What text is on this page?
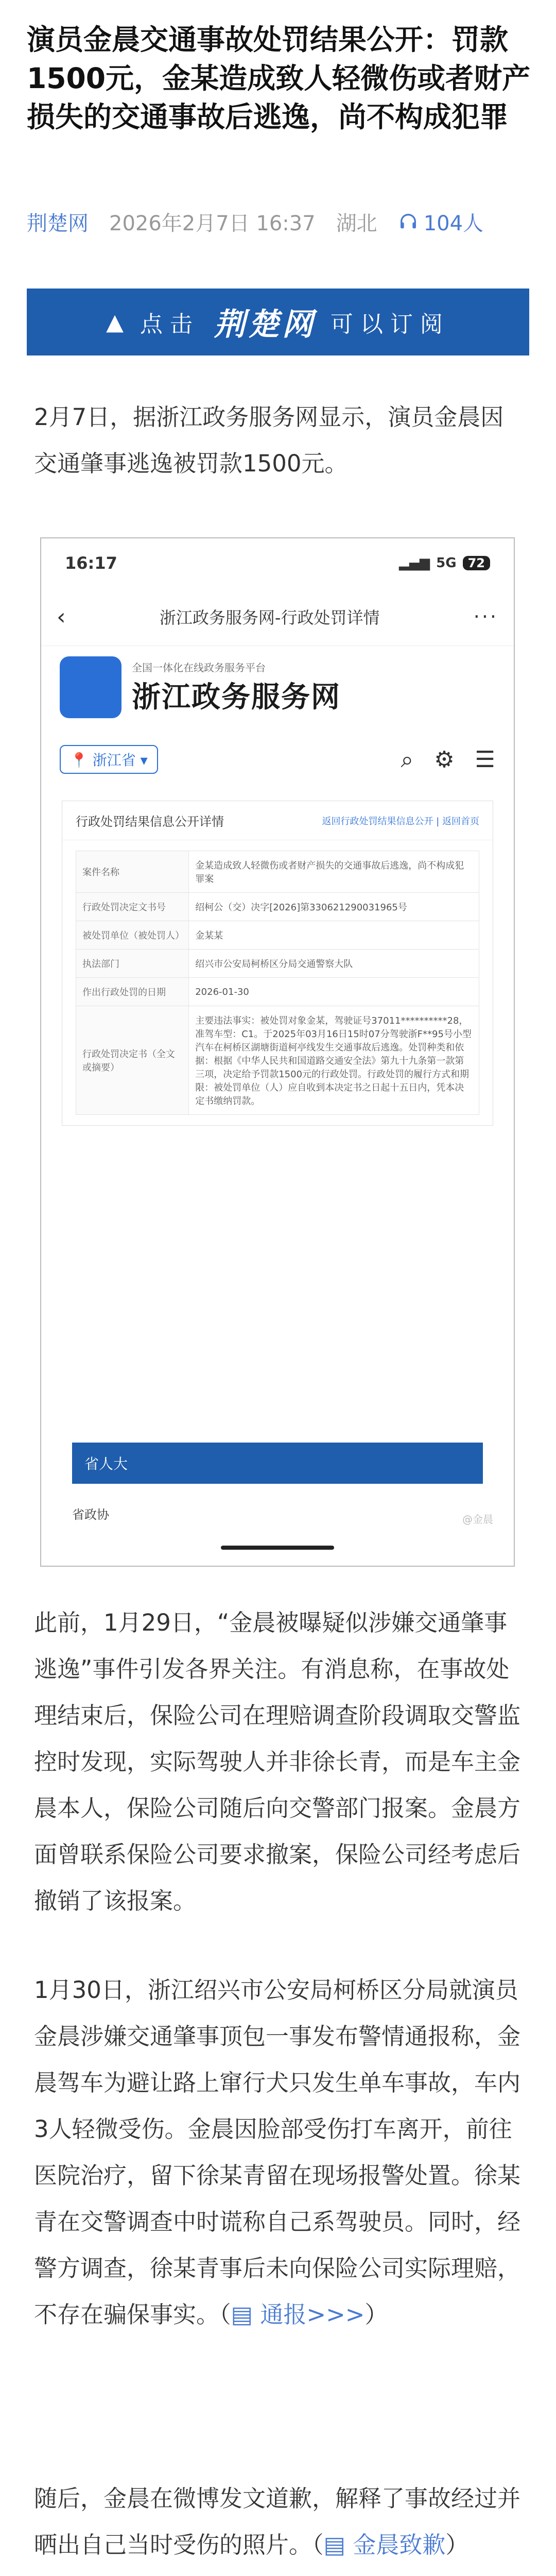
演员金晨交通事故处罚结果公开：罚款1500元，金某造成致人轻微伤或者财产损失的交通事故后逃逸，尚不构成犯罪
荆楚网 2026年2月7日 16:37 湖北 104人
▲ 点击 荆楚网 可以订阅

2月7日，据浙江政务服务网显示，演员金晨因交通肇事逃逸被罚款1500元。

16:17	▂▄▆ 5G 72
‹	浙江政务服务网-行政处罚详情	···
全国一体化在线政务服务平台
浙江政务服务网
📍 浙江省 ▾	⌕ ⚙ ☰
行政处罚结果信息公开详情	返回行政处罚结果信息公开 | 返回首页
案件名称	金某造成致人轻微伤或者财产损失的交通事故后逃逸，尚不构成犯罪案
行政处罚决定文书号	绍柯公（交）决字[2026]第330621290031965号
被处罚单位（被处罚人）	金某某
执法部门	绍兴市公安局柯桥区分局交通警察大队
作出行政处罚的日期	2026-01-30
行政处罚决定书（全文或摘要）	主要违法事实：被处罚对象金某，驾驶证号37011**********28，准驾车型：C1。于2025年03月16日15时07分驾驶浙F**95号小型汽车在柯桥区湖塘街道柯亭线发生交通事故后逃逸。处罚种类和依据：根据《中华人民共和国道路交通安全法》第九十九条第一款第三项，决定给予罚款1500元的行政处罚。行政处罚的履行方式和期限：被处罚单位（人）应自收到本决定书之日起十五日内，凭本决定书缴纳罚款。
省人大
省政协	@金晨

此前，1月29日，“金晨被曝疑似涉嫌交通肇事逃逸”事件引发各界关注。有消息称，在事故处理结束后，保险公司在理赔调查阶段调取交警监控时发现，实际驾驶人并非徐长青，而是车主金晨本人，保险公司随后向交警部门报案。金晨方面曾联系保险公司要求撤案，保险公司经考虑后撤销了该报案。

1月30日，浙江绍兴市公安局柯桥区分局就演员金晨涉嫌交通肇事顶包一事发布警情通报称，金晨驾车为避让路上窜行犬只发生单车事故，车内3人轻微受伤。金晨因脸部受伤打车离开，前往医院治疗，留下徐某青留在现场报警处置。徐某青在交警调查中时谎称自己系驾驶员。同时，经警方调查，徐某青事后未向保险公司实际理赔，不存在骗保事实。（▤ 通报>>>）

随后，金晨在微博发文道歉，解释了事故经过并晒出自己当时受伤的照片。（▤ 金晨致歉）
